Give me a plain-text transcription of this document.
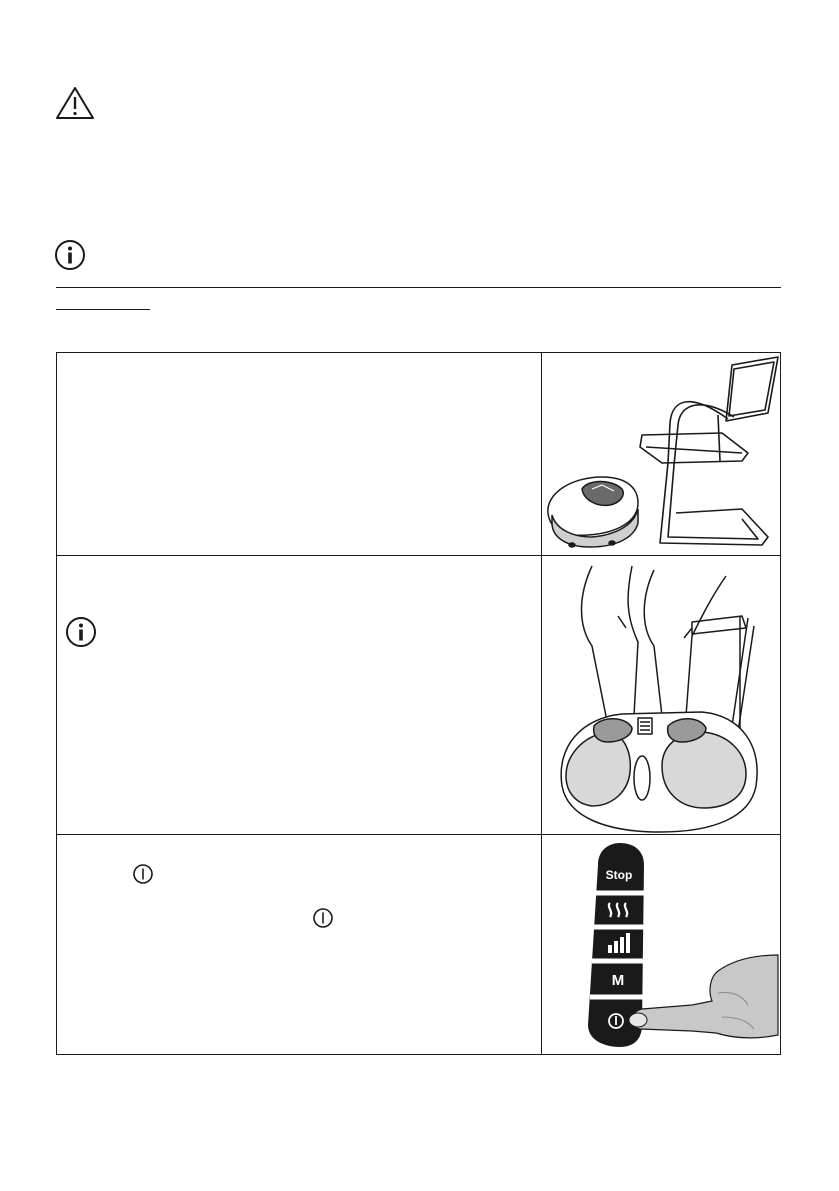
Stop
M
